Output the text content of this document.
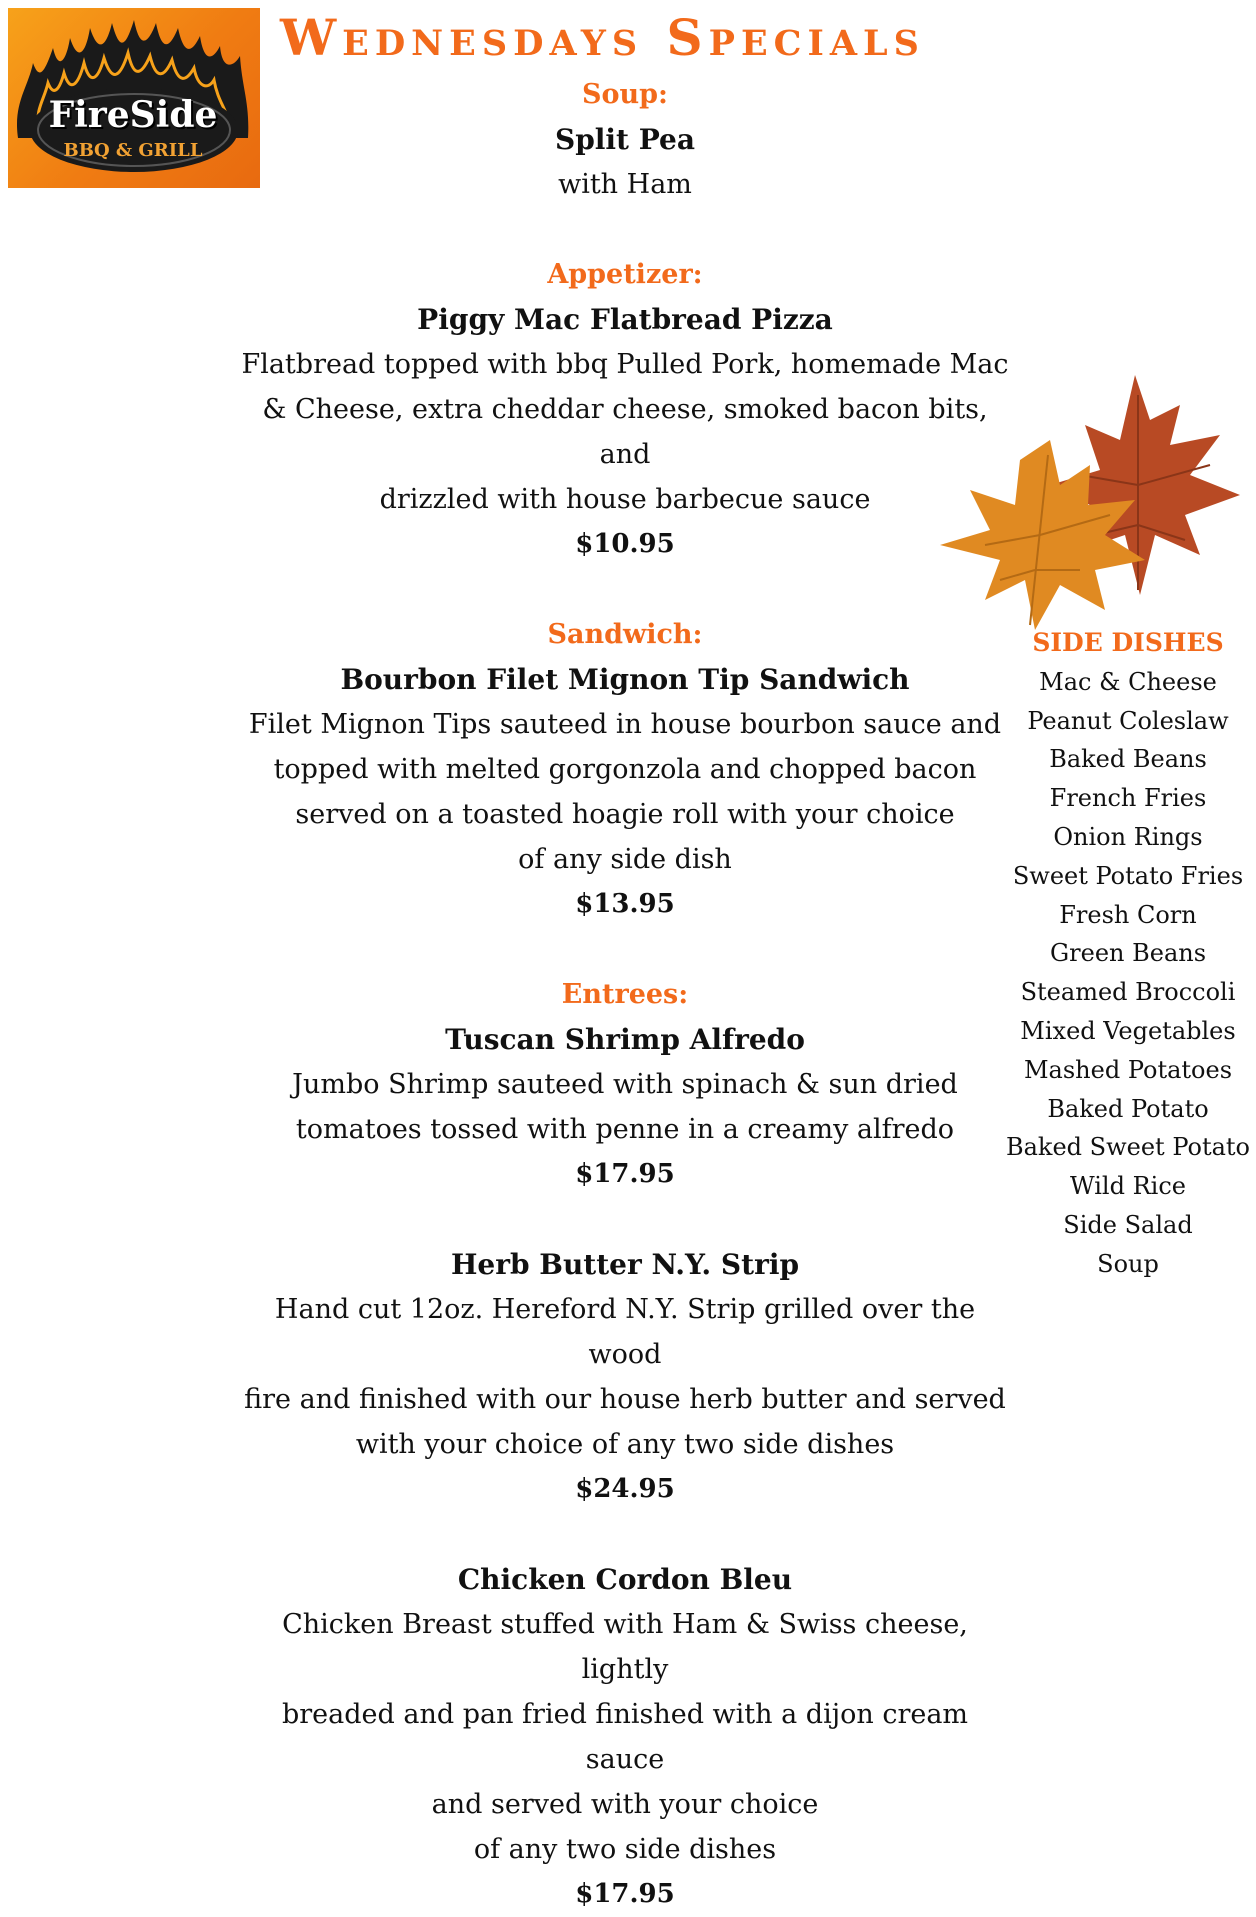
FireSide
BBQ & GRILL
Wednesdays Specials
Soup:
Split Pea
with Ham
Appetizer:
Piggy Mac Flatbread Pizza
Flatbread topped with bbq Pulled Pork, homemade Mac
& Cheese, extra cheddar cheese, smoked bacon bits, and
drizzled with house barbecue sauce
$10.95
Sandwich:
Bourbon Filet Mignon Tip Sandwich
Filet Mignon Tips sauteed in house bourbon sauce and
topped with melted gorgonzola and chopped bacon
served on a toasted hoagie roll with your choice
of any side dish
$13.95
Entrees:
Tuscan Shrimp Alfredo
Jumbo Shrimp sauteed with spinach & sun dried
tomatoes tossed with penne in a creamy alfredo
$17.95
Herb Butter N.Y. Strip
Hand cut 12oz. Hereford N.Y. Strip grilled over the wood
fire and finished with our house herb butter and served
with your choice of any two side dishes
$24.95
Chicken Cordon Bleu
Chicken Breast stuffed with Ham & Swiss cheese, lightly
breaded and pan fried finished with a dijon cream sauce
and served with your choice
of any two side dishes
$17.95
SIDE DISHES
Mac & Cheese
Peanut Coleslaw
Baked Beans
French Fries
Onion Rings
Sweet Potato Fries
Fresh Corn
Green Beans
Steamed Broccoli
Mixed Vegetables
Mashed Potatoes
Baked Potato
Baked Sweet Potato
Wild Rice
Side Salad
Soup
